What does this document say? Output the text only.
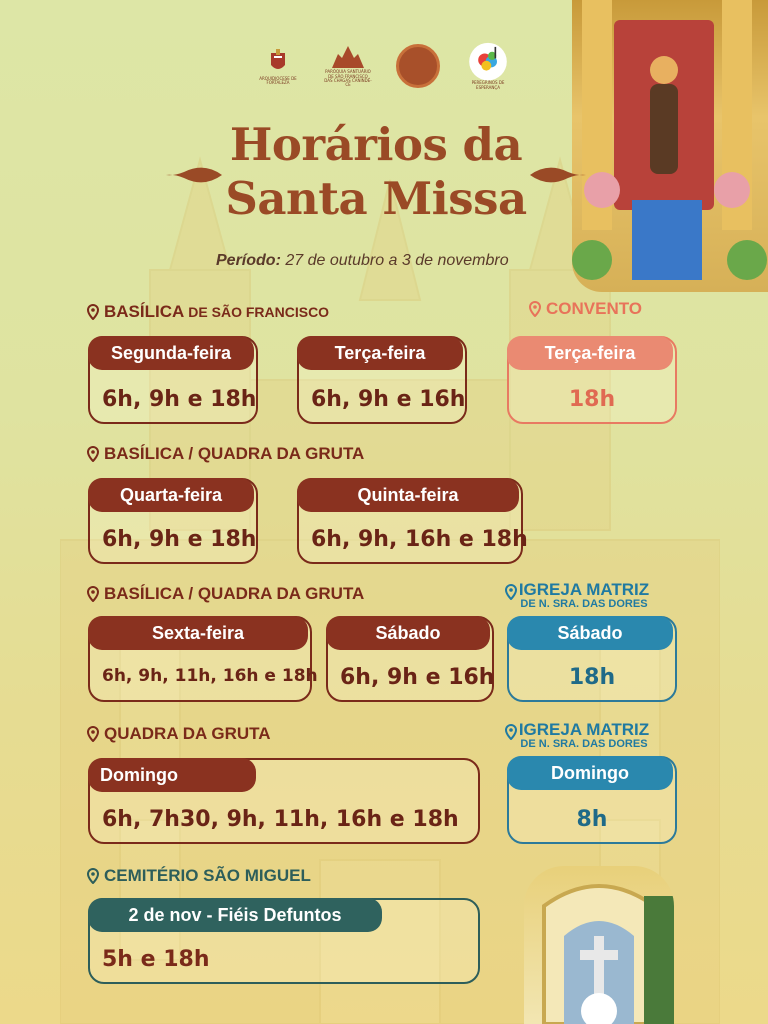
ARQUIDIOCESE DE FORTALEZA
PARÓQUIA SANTUÁRIO DE SÃO FRANCISCO DAS CHAGAS CANINDÉ-CE	PEREGRINOS DE ESPERANÇA
Horários da
Santa Missa
Período: 27 de outubro a 3 de novembro
BASÍLICA DE SÃO FRANCISCO	CONVENTO
Segunda-feira
6h, 9h e 18h
Terça-feira
6h, 9h e 16h
Terça-feira
18h
BASÍLICA / QUADRA DA GRUTA
Quarta-feira
6h, 9h e 18h
Quinta-feira
6h, 9h, 16h e 18h
BASÍLICA / QUADRA DA GRUTA	IGREJA MATRIZ
DE N. SRA. DAS DORES
Sexta-feira
6h, 9h, 11h, 16h e 18h
Sábado
6h, 9h e 16h
Sábado
18h
QUADRA DA GRUTA	IGREJA MATRIZ
DE N. SRA. DAS DORES
Domingo
6h, 7h30, 9h, 11h, 16h e 18h
Domingo
8h
CEMITÉRIO SÃO MIGUEL
2 de nov - Fiéis Defuntos
5h e 18h
